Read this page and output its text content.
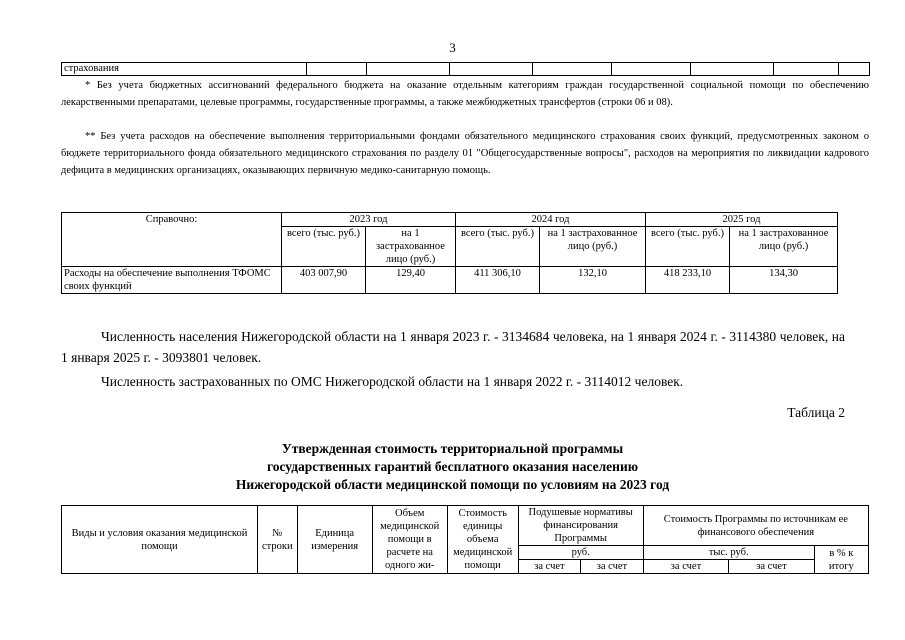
3
страхования								
* Без учета бюджетных ассигнований федерального бюджета на оказание отдельным категориям граждан государственной социальной помощи по обеспечению лекарственными препаратами, целевые программы, государственные программы, а также межбюджетных трансфертов (строки 06 и 08).
** Без учета расходов на обеспечение выполнения территориальными фондами обязательного медицинского страхования своих функций, предусмотренных законом о бюджете территориального фонда обязательного медицинского страхования по разделу 01 "Общегосударственные вопросы", расходов на мероприятия по ликвидации кадрового дефицита в медицинских организациях, оказывающих первичную медико-санитарную помощь.
Справочно:	2023 год		2024 год		2025 год	
	всего (тыс. руб.)	на 1 застрахованное лицо (руб.)	всего (тыс. руб.)	на 1 застрахованное лицо (руб.)	всего (тыс. руб.)	на 1 застрахованное лицо (руб.)
Расходы на обеспечение выполнения ТФОМС своих функций	403 007,90	129,40	411 306,10	132,10	418 233,10	134,30
Численность населения Нижегородской области на 1 января 2023 г. - 3134684 человека, на 1 января 2024 г. - 3114380 человек, на 1 января 2025 г. - 3093801 человек.
Численность застрахованных по ОМС Нижегородской области на 1 января 2022 г. - 3114012 человек.
Таблица 2
Утвержденная стоимость территориальной программы
государственных гарантий бесплатного оказания населению
Нижегородской области медицинской помощи по условиям на 2023 год
Виды и условия оказания медицинской помощи	№ строки	Единица измерения	Объем медицинской помощи в расчете на одного жи-	Стоимость единицы объема медицинской помощи	Подушевые нормативы финансирования Программы		Стоимость Программы по источникам ее финансового обеспечения		
					руб.		тыс. руб.		в % к итогу
					за счет	за счет	за счет	за счет	
